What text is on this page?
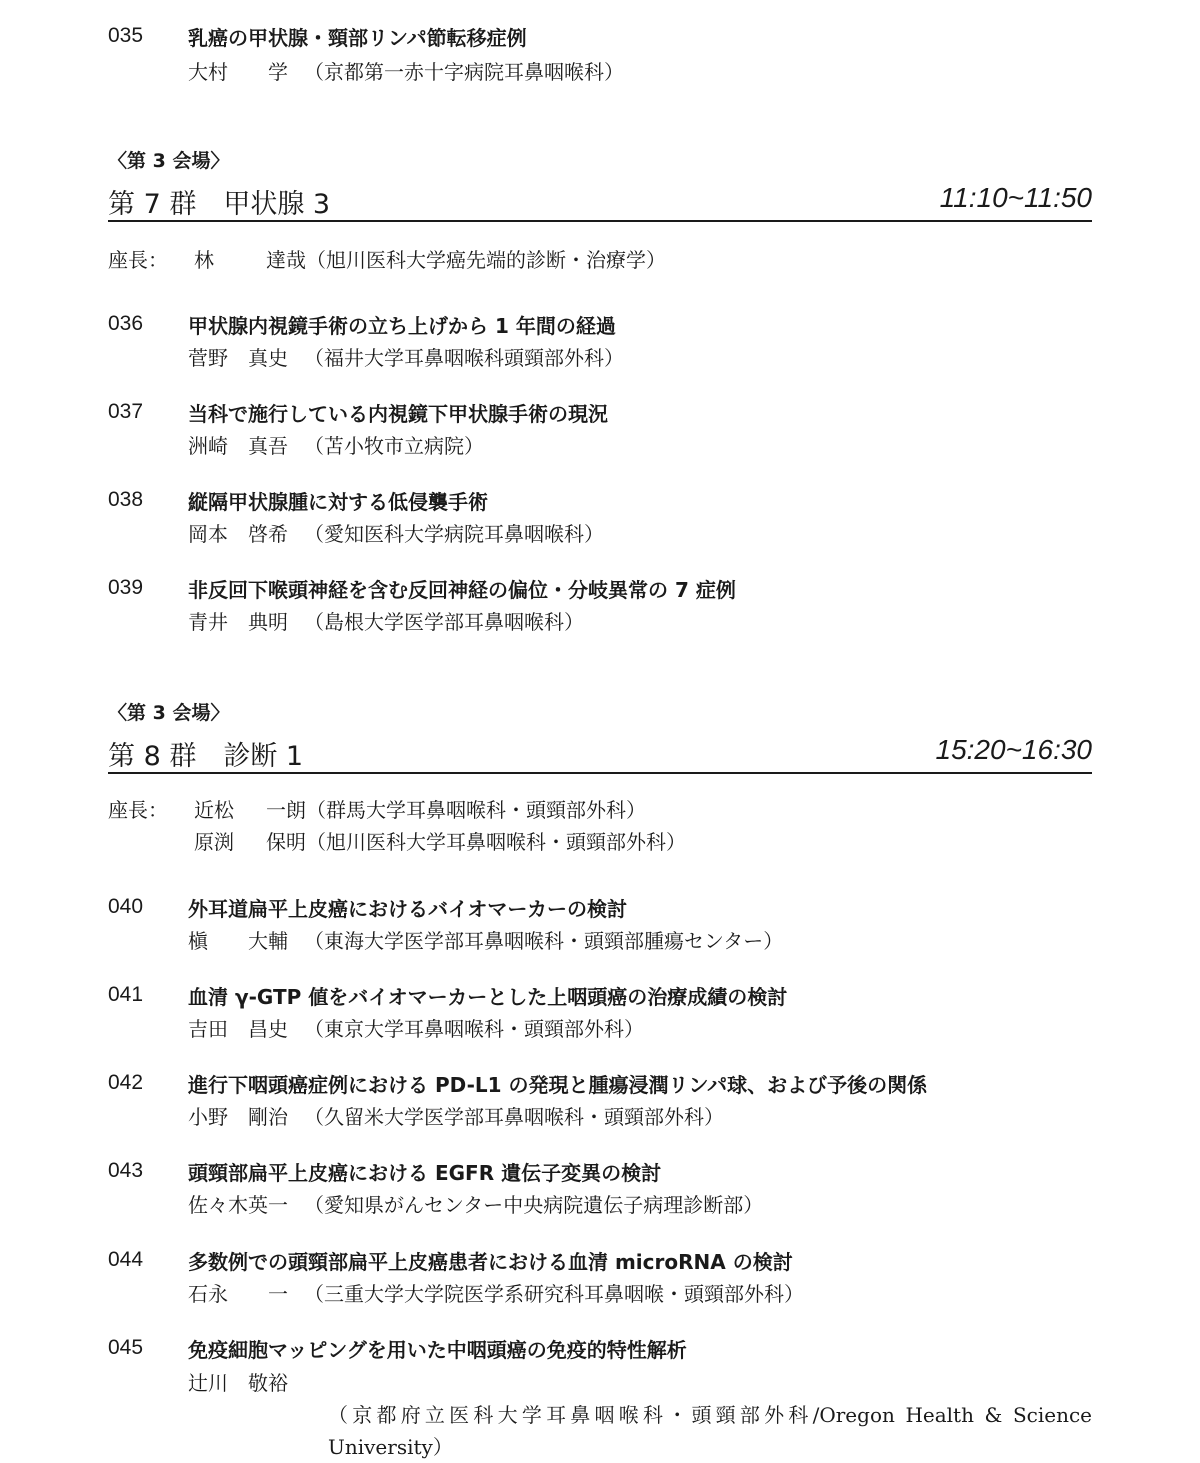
035	乳癌の甲状腺・頸部リンパ節転移症例
大村　　学 （京都第一赤十字病院耳鼻咽喉科）
〈第 3 会場〉
第 7 群　甲状腺 3	11:10~11:50
座長： 林　　達哉（旭川医科大学癌先端的診断・治療学）
036	甲状腺内視鏡手術の立ち上げから 1 年間の経過
菅野　真史 （福井大学耳鼻咽喉科頭頸部外科）
037	当科で施行している内視鏡下甲状腺手術の現況
洲崎　真吾 （苫小牧市立病院）
038	縦隔甲状腺腫に対する低侵襲手術
岡本　啓希 （愛知医科大学病院耳鼻咽喉科）
039	非反回下喉頭神経を含む反回神経の偏位・分岐異常の 7 症例
青井　典明 （島根大学医学部耳鼻咽喉科）
〈第 3 会場〉
第 8 群　診断 1	15:20~16:30
座長： 近松 一朗（群馬大学耳鼻咽喉科・頭頸部外科）
原渕 保明（旭川医科大学耳鼻咽喉科・頭頸部外科）
040	外耳道扁平上皮癌におけるバイオマーカーの検討
槇　　大輔 （東海大学医学部耳鼻咽喉科・頭頸部腫瘍センター）
041	血清 γ-GTP 値をバイオマーカーとした上咽頭癌の治療成績の検討
吉田　昌史 （東京大学耳鼻咽喉科・頭頸部外科）
042	進行下咽頭癌症例における PD-L1 の発現と腫瘍浸潤リンパ球、および予後の関係
小野　剛治 （久留米大学医学部耳鼻咽喉科・頭頸部外科）
043	頭頸部扁平上皮癌における EGFR 遺伝子変異の検討
佐々木英一 （愛知県がんセンター中央病院遺伝子病理診断部）
044	多数例での頭頸部扁平上皮癌患者における血清 microRNA の検討
石永　　一 （三重大学大学院医学系研究科耳鼻咽喉・頭頸部外科）
045	免疫細胞マッピングを用いた中咽頭癌の免疫的特性解析
辻川　敬裕（京都府立医科大学耳鼻咽喉科・頭頸部外科/Oregon Health & Science University）
